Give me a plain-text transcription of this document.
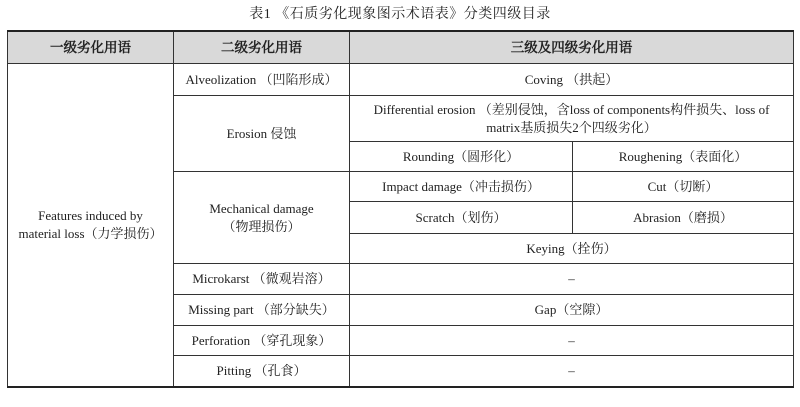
表1 《石质劣化现象图示术语表》分类四级目录
一级劣化用语	二级劣化用语	三级及四级劣化用语	

Features induced by
material loss（力学损伤）	Alveolization （凹陷形成）	Coving （拱起）	
	Erosion 侵蚀	Differential erosion （差别侵蚀，含loss of components构件损失、loss of
matrix基质损失2个四级劣化）	

		Rounding（圆形化）	Roughening（表面化）

	Mechanical damage
（物理损伤）	Impact damage（冲击损伤）	Cut（切断）
		Scratch（划伤）	Abrasion（磨损）
		Keying（拴伤）	
	Microkarst （微观岩溶）	–	
	Missing part （部分缺失）	Gap（空隙）	
	Perforation （穿孔现象）	–	
	Pitting （孔食）	–	
